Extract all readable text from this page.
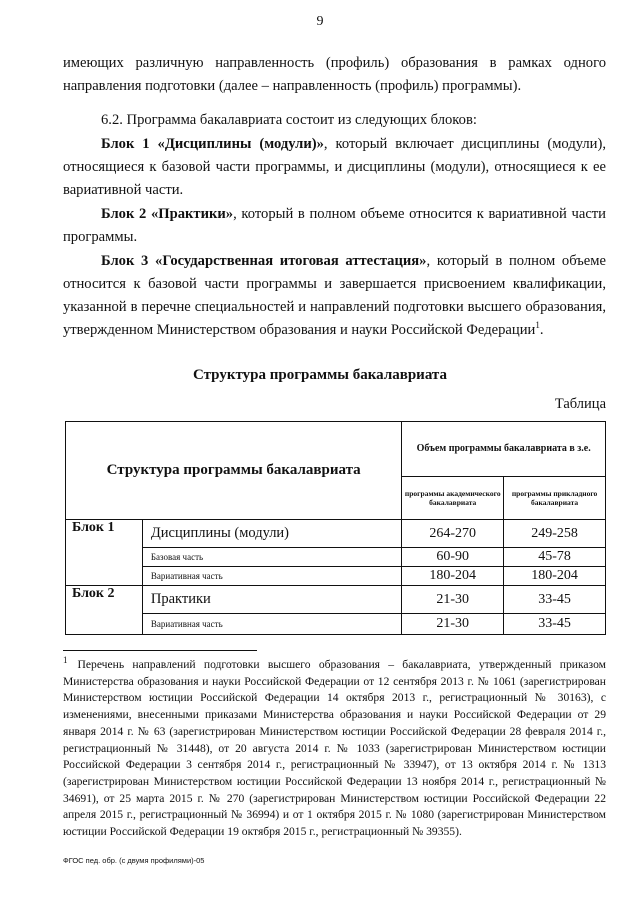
9
имеющих различную направленность (профиль) образования в рамках одного
направления подготовки (далее – направленность (профиль) программы).
6.2. Программа бакалавриата состоит из следующих блоков:
Блок 1 «Дисциплины (модули)», который включает дисциплины (модули), относящиеся к базовой части программы, и дисциплины (модули), относящиеся к ее вариативной части.
Блок 2 «Практики», который в полном объеме относится к вариативной части программы.
Блок 3 «Государственная итоговая аттестация», который в полном объеме относится к базовой части программы и завершается присвоением квалификации, указанной в перечне специальностей и направлений подготовки высшего образования, утвержденном Министерством образования и науки Российской Федерации$^1$.
Структура программы бакалавриата
Таблица
Структура программы бакалавриата		Объем программы бакалавриата в з.е.	
		программы академического бакалавриата	программы прикладного бакалавриата
Блок 1	Дисциплины (модули)	264-270	249-258
	Базовая часть	60-90	45-78
	Вариативная часть	180-204	180-204
Блок 2	Практики	21-30	33-45
	Вариативная часть	21-30	33-45
$^1$ Перечень направлений подготовки высшего образования – бакалавриата, утвержденный приказом Министерства образования и науки Российской Федерации от 12 сентября 2013 г. № 1061 (зарегистрирован Министерством юстиции Российской Федерации 14 октября 2013 г., регистрационный № 30163), с изменениями, внесенными приказами Министерства образования и науки Российской Федерации от 29 января 2014 г. № 63 (зарегистрирован Министерством юстиции Российской Федерации 28 февраля 2014 г., регистрационный № 31448), от 20 августа 2014 г. № 1033 (зарегистрирован Министерством юстиции Российской Федерации 3 сентября 2014 г., регистрационный № 33947), от 13 октября 2014 г. № 1313 (зарегистрирован Министерством юстиции Российской Федерации 13 ноября 2014 г., регистрационный № 34691), от 25 марта 2015 г. № 270 (зарегистрирован Министерством юстиции Российской Федерации 22 апреля 2015 г., регистрационный № 36994) и от 1 октября 2015 г. № 1080 (зарегистрирован Министерством юстиции Российской Федерации 19 октября 2015 г., регистрационный № 39355).
ФГОС пед. обр. (с двумя профилями)-05
